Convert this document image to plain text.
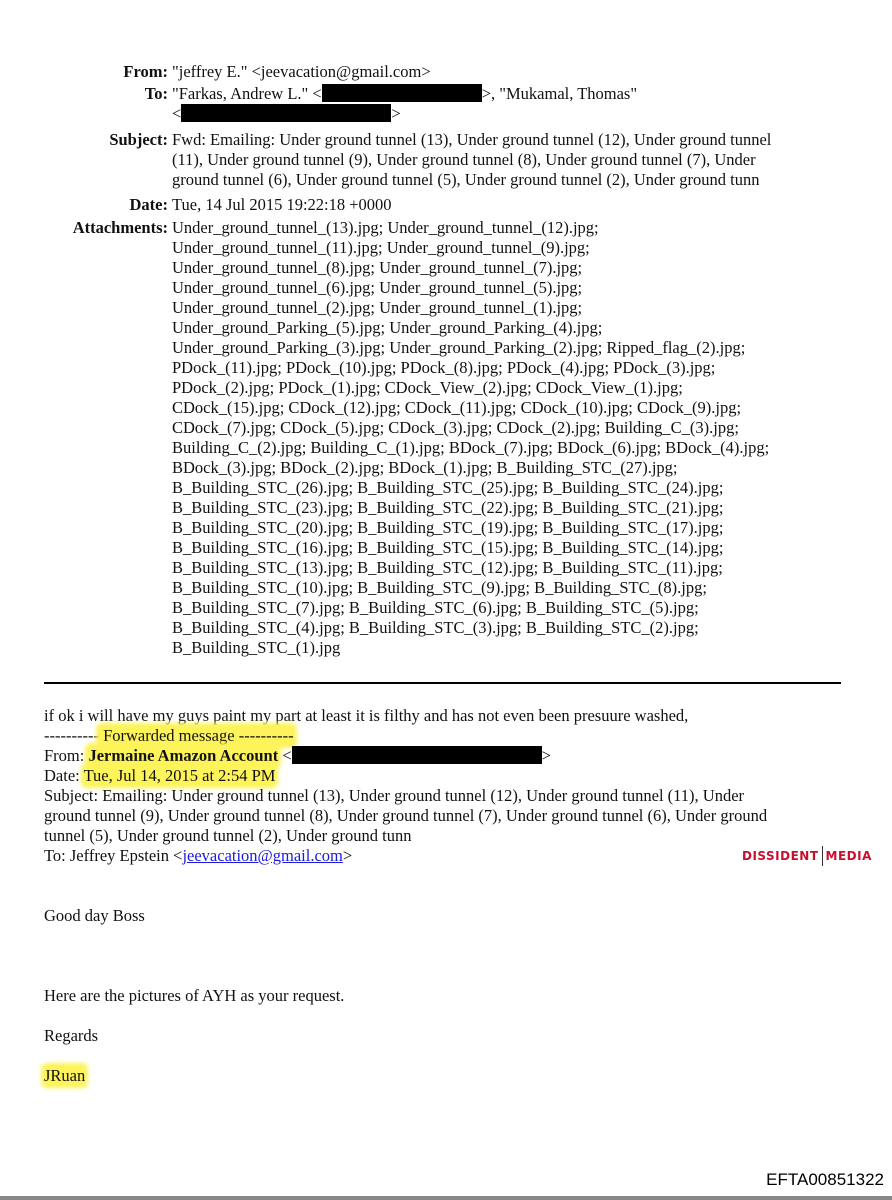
From: "jeffrey E." <jeevacation@gmail.com>
To: "Farkas, Andrew L." <	>, "Mukamal, Thomas"
<	>
Subject: Fwd: Emailing: Under ground tunnel (13), Under ground tunnel (12), Under ground tunnel
(11), Under ground tunnel (9), Under ground tunnel (8), Under ground tunnel (7), Under
ground tunnel (6), Under ground tunnel (5), Under ground tunnel (2), Under ground tunn
Date: Tue, 14 Jul 2015 19:22:18 +0000
Attachments: Under_ground_tunnel_(13).jpg; Under_ground_tunnel_(12).jpg;
Under_ground_tunnel_(11).jpg; Under_ground_tunnel_(9).jpg;
Under_ground_tunnel_(8).jpg; Under_ground_tunnel_(7).jpg;
Under_ground_tunnel_(6).jpg; Under_ground_tunnel_(5).jpg;
Under_ground_tunnel_(2).jpg; Under_ground_tunnel_(1).jpg;
Under_ground_Parking_(5).jpg; Under_ground_Parking_(4).jpg;
Under_ground_Parking_(3).jpg; Under_ground_Parking_(2).jpg; Ripped_flag_(2).jpg;
PDock_(11).jpg; PDock_(10).jpg; PDock_(8).jpg; PDock_(4).jpg; PDock_(3).jpg;
PDock_(2).jpg; PDock_(1).jpg; CDock_View_(2).jpg; CDock_View_(1).jpg;
CDock_(15).jpg; CDock_(12).jpg; CDock_(11).jpg; CDock_(10).jpg; CDock_(9).jpg;
CDock_(7).jpg; CDock_(5).jpg; CDock_(3).jpg; CDock_(2).jpg; Building_C_(3).jpg;
Building_C_(2).jpg; Building_C_(1).jpg; BDock_(7).jpg; BDock_(6).jpg; BDock_(4).jpg;
BDock_(3).jpg; BDock_(2).jpg; BDock_(1).jpg; B_Building_STC_(27).jpg;
B_Building_STC_(26).jpg; B_Building_STC_(25).jpg; B_Building_STC_(24).jpg;
B_Building_STC_(23).jpg; B_Building_STC_(22).jpg; B_Building_STC_(21).jpg;
B_Building_STC_(20).jpg; B_Building_STC_(19).jpg; B_Building_STC_(17).jpg;
B_Building_STC_(16).jpg; B_Building_STC_(15).jpg; B_Building_STC_(14).jpg;
B_Building_STC_(13).jpg; B_Building_STC_(12).jpg; B_Building_STC_(11).jpg;
B_Building_STC_(10).jpg; B_Building_STC_(9).jpg; B_Building_STC_(8).jpg;
B_Building_STC_(7).jpg; B_Building_STC_(6).jpg; B_Building_STC_(5).jpg;
B_Building_STC_(4).jpg; B_Building_STC_(3).jpg; B_Building_STC_(2).jpg;
B_Building_STC_(1).jpg
if ok i will have my guys paint my part at least it is filthy and has not even been presuure washed,
---------- Forwarded message ----------
From: Jermaine Amazon Account <	>
Date: Tue, Jul 14, 2015 at 2:54 PM
Subject: Emailing: Under ground tunnel (13), Under ground tunnel (12), Under ground tunnel (11), Under
ground tunnel (9), Under ground tunnel (8), Under ground tunnel (7), Under ground tunnel (6), Under ground
tunnel (5), Under ground tunnel (2), Under ground tunn
To: Jeffrey Epstein <jeevacation@gmail.com>
Good day Boss
Here are the pictures of AYH as your request.
Regards
JRuan
DISSIDENT MEDIA
EFTA00851322
